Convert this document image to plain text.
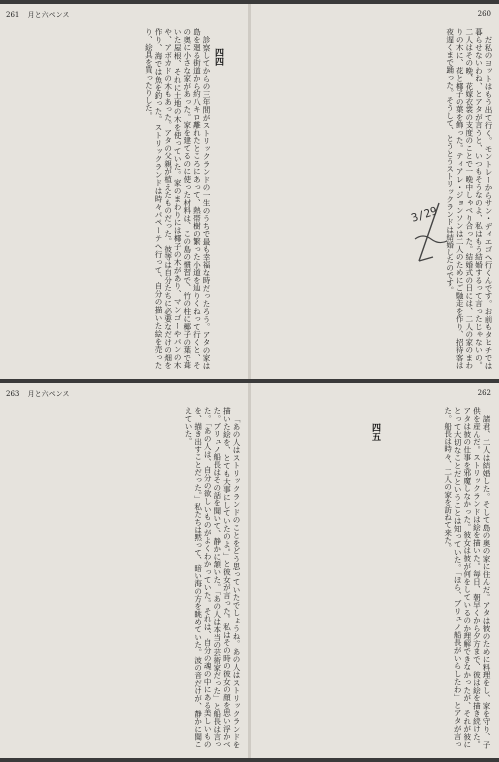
261 月と六ペンス
四四

診察してからの三年間がストリックランドの一生のうちで最も幸福な時だったろう。アタの家は島を廻る街道から約八キロ離れたところにあって、熱帯樹の繁った小道を辿りくねって行くと、その奥に小さな家があった。家を建てるのに使った材料は、この島の慣習で、竹の柱に椰子の葉で葺いた屋根、それに土地の木を使っていた。家のまわりには椰子の木があり、マンゴーやパンの木や、アボカドの木もあった。アタの父親が植えたものだった。彼等は自分たちに必要なだけの畑を作り、海では魚を釣った。ストリックランドは時々パペーテへ行って、自分の描いた絵を売ったり、絵具を買ったりした。

260

だ私のヨットはもう出て行く。モントレーからサン・ディエゴへ行くんです。お前もタヒチでは暮らせないわね、とアタが言うと、いつもそうなのよ、私はもう結婚するって言ったじゃないの。二人はその晩、花嫁衣裳の支度のことで一晩中しゃべり合った。結婚式の日には、二人の家のまわりの木に、花と椰子の葉を飾った。ティアレ・ジョンソンは二人のためにご馳走を作り、招待客は夜遅くまで踊った。そうして、とうとうストリックランドは結婚したのです。

3/29
263 月と六ペンス

「あの人はストリックランドのことをどう思っていたでしょうね。あの人はストリックランドを描いた絵を、とても大事にしていたのよ。」と彼女が言った。私はその時の彼女の顔を思い浮かべた。ブリュノ船長はその話を聞いて、静かに頷いた。「あの人は本当の芸術家だった」と船長は言った。「あの人は、自分の欲しいものがよくわかっていた。それは、自分の魂の中にある美しいものを、描き出すことだった。」私たちは黙って、暗い海の方を眺めていた。波の音だけが、静かに聞こえていた。

262
四五	諸君、二人は結婚した。そして島の奥の家に住んだ。アタは彼のために料理をし、家を守り、子供を産んだ。ストリックランドは絵を描いた。毎日、朝早くから夕方まで、彼は絵を描き続けた。アタは彼の仕事を邪魔しなかった。彼女は彼が何をしているのか理解できなかったが、それが彼にとって大切なことだということは知っていた。「ほら、ブリュノ船長がいらしたわ」とアタが言った。船長は時々、二人の家を訪ねて来た。
